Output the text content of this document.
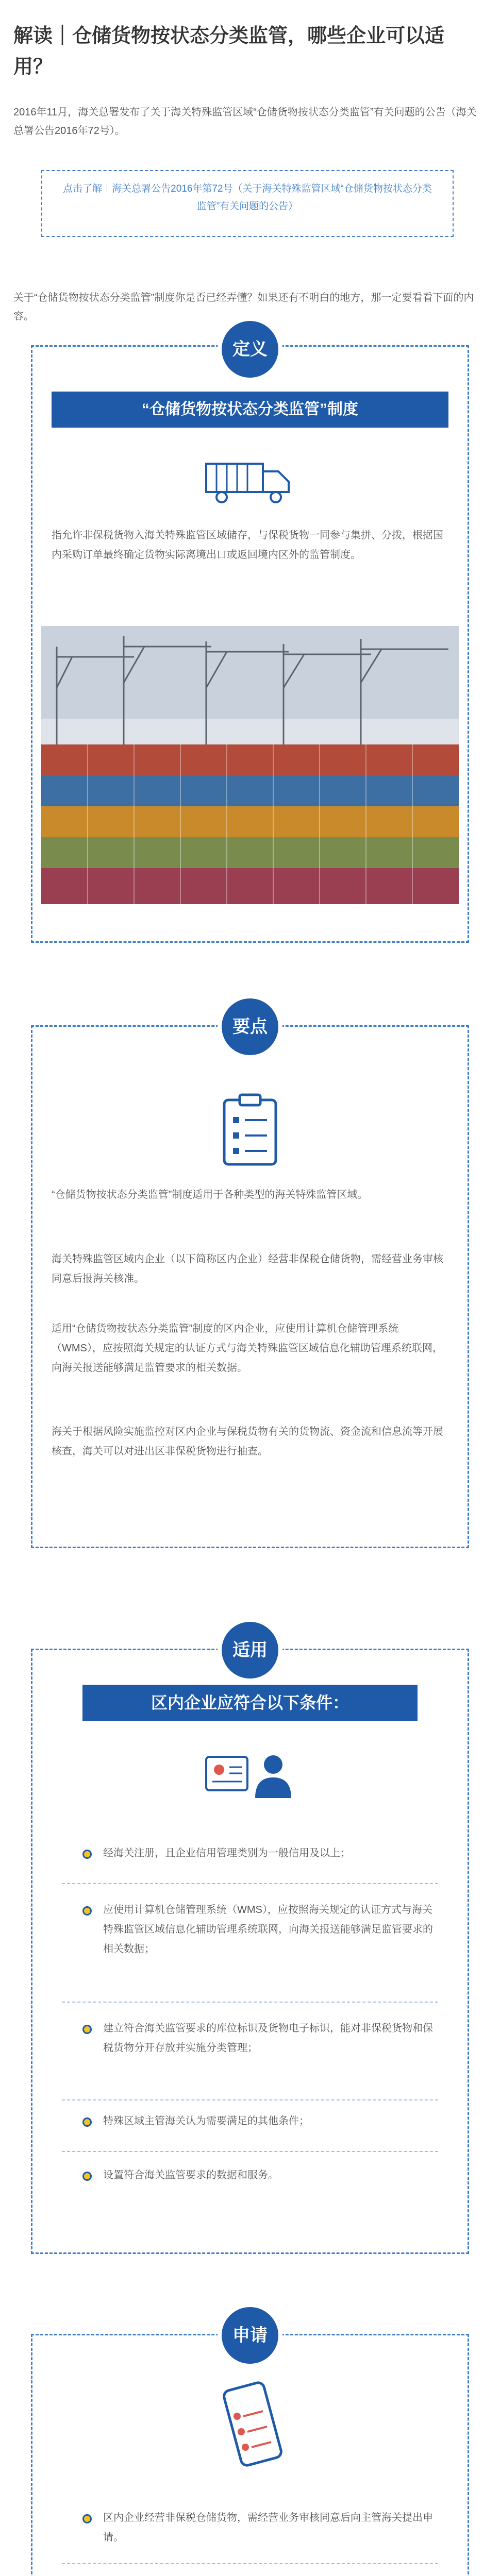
解读｜仓储货物按状态分类监管，哪些企业可以适用？
2016年11月，海关总署发布了关于海关特殊监管区域“仓储货物按状态分类监管”有关问题的公告（海关总署公告2016年72号）。
点击了解｜海关总署公告2016年第72号（关于海关特殊监管区域“仓储货物按状态分类监管”有关问题的公告）
关于“仓储货物按状态分类监管”制度你是否已经弄懂？如果还有不明白的地方，那一定要看看下面的内容。
定义
“仓储货物按状态分类监管”制度
指允许非保税货物入海关特殊监管区域储存，与保税货物一同参与集拼、分拨，根据国内采购订单最终确定货物实际离境出口或返回境内区外的监管制度。
要点
“仓储货物按状态分类监管”制度适用于各种类型的海关特殊监管区域。
海关特殊监管区域内企业（以下简称区内企业）经营非保税仓储货物，需经营业务审核同意后报海关核准。
适用“仓储货物按状态分类监管”制度的区内企业，应使用计算机仓储管理系统（WMS），应按照海关规定的认证方式与海关特殊监管区域信息化辅助管理系统联网，向海关报送能够满足监管要求的相关数据。
海关于根据风险实施监控对区内企业与保税货物有关的货物流、资金流和信息流等开展核查，海关可以对进出区非保税货物进行抽查。
适用
区内企业应符合以下条件：
经海关注册，且企业信用管理类别为一般信用及以上；
应使用计算机仓储管理系统（WMS），应按照海关规定的认证方式与海关特殊监管区域信息化辅助管理系统联网，向海关报送能够满足监管要求的相关数据；
建立符合海关监管要求的库位标识及货物电子标识，能对非保税货物和保税货物分开存放并实施分类管理；
特殊区域主管海关认为需要满足的其他条件；
设置符合海关监管要求的数据和服务。
申请
区内企业经营非保税仓储货物，需经营业务审核同意后向主管海关提出申请。
